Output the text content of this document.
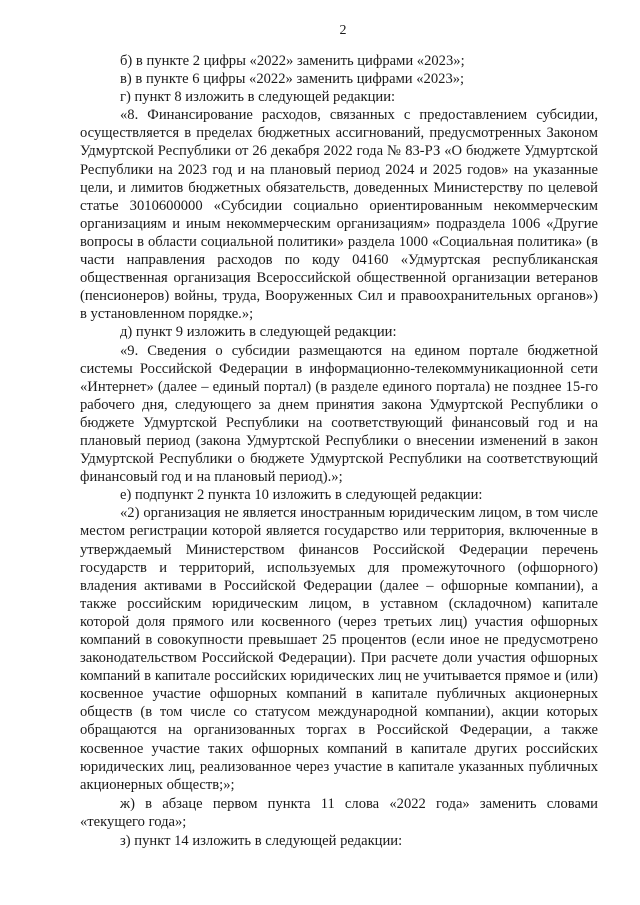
2

б) в пункте 2 цифры «2022» заменить цифрами «2023»;

в) в пункте 6 цифры «2022» заменить цифрами «2023»;

г) пункт 8 изложить в следующей редакции:

«8. Финансирование расходов, связанных с предоставлением субсидии, осуществляется в пределах бюджетных ассигнований, предусмотренных Законом Удмуртской Республики от 26 декабря 2022 года № 83-РЗ «О бюджете Удмуртской Республики на 2023 год и на плановый период 2024 и 2025 годов» на указанные цели, и лимитов бюджетных обязательств, доведенных Министерству по целевой статье 3010600000 «Субсидии социально ориентированным некоммерческим организациям и иным некоммерческим организациям» подраздела 1006 «Другие вопросы в области социальной политики» раздела 1000 «Социальная политика» (в части направления расходов по коду 04160 «Удмуртская республиканская общественная организация Всероссийской общественной организации ветеранов (пенсионеров) войны, труда, Вооруженных Сил и правоохранительных органов») в установленном порядке.»;

д) пункт 9 изложить в следующей редакции:

«9. Сведения о субсидии размещаются на едином портале бюджетной системы Российской Федерации в информационно-телекоммуникационной сети «Интернет» (далее – единый портал) (в разделе единого портала) не позднее 15-го рабочего дня, следующего за днем принятия закона Удмуртской Республики о бюджете Удмуртской Республики на соответствующий финансовый год и на плановый период (закона Удмуртской Республики о внесении изменений в закон Удмуртской Республики о бюджете Удмуртской Республики на соответствующий финансовый год и на плановый период).»;

е) подпункт 2 пункта 10 изложить в следующей редакции:

«2) организация не является иностранным юридическим лицом, в том числе местом регистрации которой является государство или территория, включенные в утверждаемый Министерством финансов Российской Федерации перечень государств и территорий, используемых для промежуточного (офшорного) владения активами в Российской Федерации (далее – офшорные компании), а также российским юридическим лицом, в уставном (складочном) капитале которой доля прямого или косвенного (через третьих лиц) участия офшорных компаний в совокупности превышает 25 процентов (если иное не предусмотрено законодательством Российской Федерации). При расчете доли участия офшорных компаний в капитале российских юридических лиц не учитывается прямое и (или) косвенное участие офшорных компаний в капитале публичных акционерных обществ (в том числе со статусом международной компании), акции которых обращаются на организованных торгах в Российской Федерации, а также косвенное участие таких офшорных компаний в капитале других российских юридических лиц, реализованное через участие в капитале указанных публичных акционерных обществ;»;

ж) в абзаце первом пункта 11 слова «2022 года» заменить словами «текущего года»;

з) пункт 14 изложить в следующей редакции:
